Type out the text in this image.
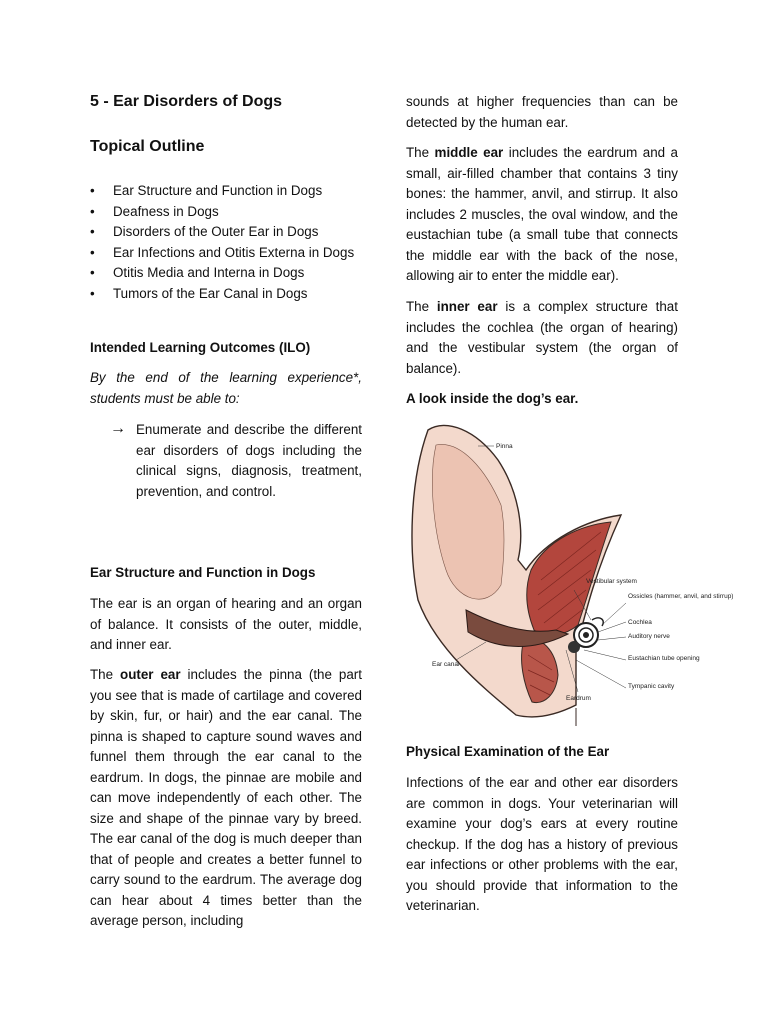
5 - Ear Disorders of Dogs
Topical Outline
• Ear Structure and Function in Dogs
• Deafness in Dogs
• Disorders of the Outer Ear in Dogs
• Ear Infections and Otitis Externa in Dogs
• Otitis Media and Interna in Dogs
• Tumors of the Ear Canal in Dogs
Intended Learning Outcomes (ILO)

By the end of the learning experience*, students must be able to:

→ Enumerate and describe the different ear disorders of dogs including the clinical signs, diagnosis, treatment, prevention, and control.

Ear Structure and Function in Dogs

The ear is an organ of hearing and an organ of balance. It consists of the outer, middle, and inner ear.

The outer ear includes the pinna (the part you see that is made of cartilage and covered by skin, fur, or hair) and the ear canal. The pinna is shaped to capture sound waves and funnel them through the ear canal to the eardrum. In dogs, the pinnae are mobile and can move independently of each other. The size and shape of the pinnae vary by breed. The ear canal of the dog is much deeper than that of people and creates a better funnel to carry sound to the eardrum. The average dog can hear about 4 times better than the average person, including

sounds at higher frequencies than can be detected by the human ear.

The middle ear includes the eardrum and a small, air-filled chamber that contains 3 tiny bones: the hammer, anvil, and stirrup. It also includes 2 muscles, the oval window, and the eustachian tube (a small tube that connects the middle ear with the back of the nose, allowing air to enter the middle ear).

The inner ear is a complex structure that includes the cochlea (the organ of hearing) and the vestibular system (the organ of balance).

A look inside the dog’s ear.
Pinna
Vestibular system
Ossicles (hammer, anvil, and stirrup)
Cochlea
Auditory nerve
Eustachian tube opening
Tympanic cavity
Ear canal
Eardrum
Physical Examination of the Ear

Infections of the ear and other ear disorders are common in dogs. Your veterinarian will examine your dog’s ears at every routine checkup. If the dog has a history of previous ear infections or other problems with the ear, you should provide that information to the veterinarian.
